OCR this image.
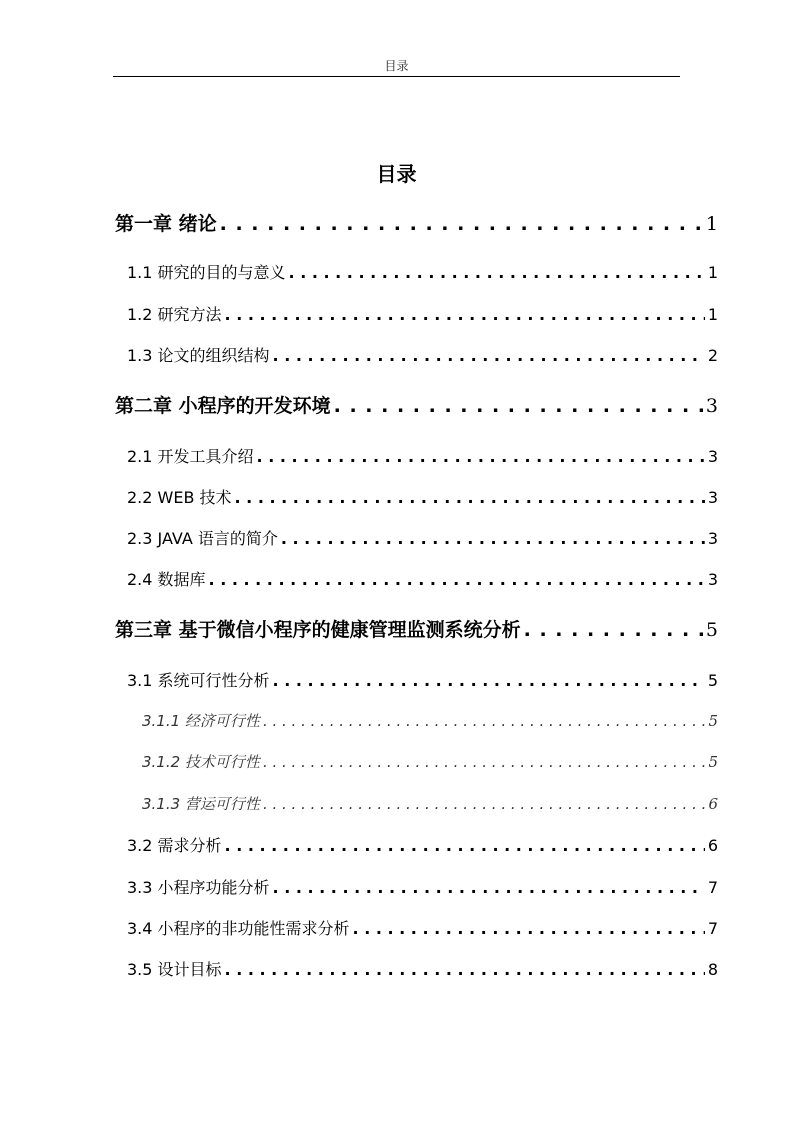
目录
目录
第一章 绪论 . . .	1
1.1 研究的目的与意义 . . .	1
1.2 研究方法 . . .	1
1.3 论文的组织结构 . . .	2
第二章 小程序的开发环境 . . .	3
2.1 开发工具介绍 . . .	3
2.2 WEB 技术 . . .	3
2.3 JAVA 语言的简介 . . .	3
2.4 数据库 . . .	3
第三章 基于微信小程序的健康管理监测系统分析 . . .	5
3.1 系统可行性分析 . . .	5
3.1.1 经济可行性 . . .	5
3.1.2 技术可行性 . . .	5
3.1.3 营运可行性 . . .	6
3.2 需求分析 . . .	6
3.3 小程序功能分析 . . .	7
3.4 小程序的非功能性需求分析 . . .	7
3.5 设计目标 . . .	8
